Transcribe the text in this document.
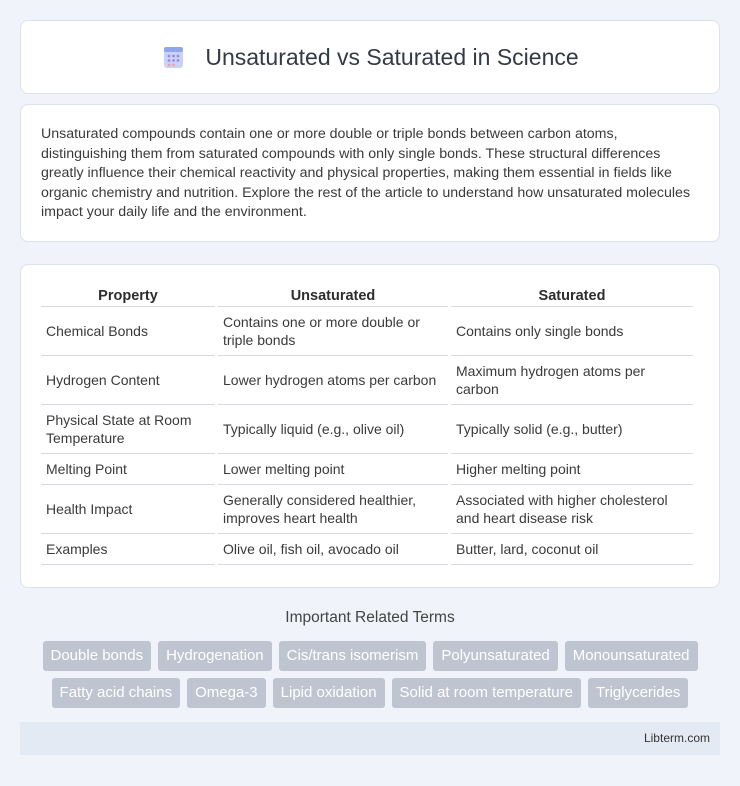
Unsaturated vs Saturated in Science

Unsaturated compounds contain one or more double or triple bonds between carbon atoms, distinguishing them from saturated compounds with only single bonds. These structural differences greatly influence their chemical reactivity and physical properties, making them essential in fields like organic chemistry and nutrition. Explore the rest of the article to understand how unsaturated molecules impact your daily life and the environment.

Property	Unsaturated	Saturated
Chemical Bonds	Contains one or more double or triple bonds	Contains only single bonds
Hydrogen Content	Lower hydrogen atoms per carbon	Maximum hydrogen atoms per carbon
Physical State at Room Temperature	Typically liquid (e.g., olive oil)	Typically solid (e.g., butter)
Melting Point	Lower melting point	Higher melting point
Health Impact	Generally considered healthier, improves heart health	Associated with higher cholesterol and heart disease risk
Examples	Olive oil, fish oil, avocado oil	Butter, lard, coconut oil
Important Related Terms
Double bonds	Hydrogenation	Cis/trans isomerism	Polyunsaturated	Monounsaturated
Fatty acid chains	Omega-3	Lipid oxidation	Solid at room temperature	Triglycerides
Libterm.com
